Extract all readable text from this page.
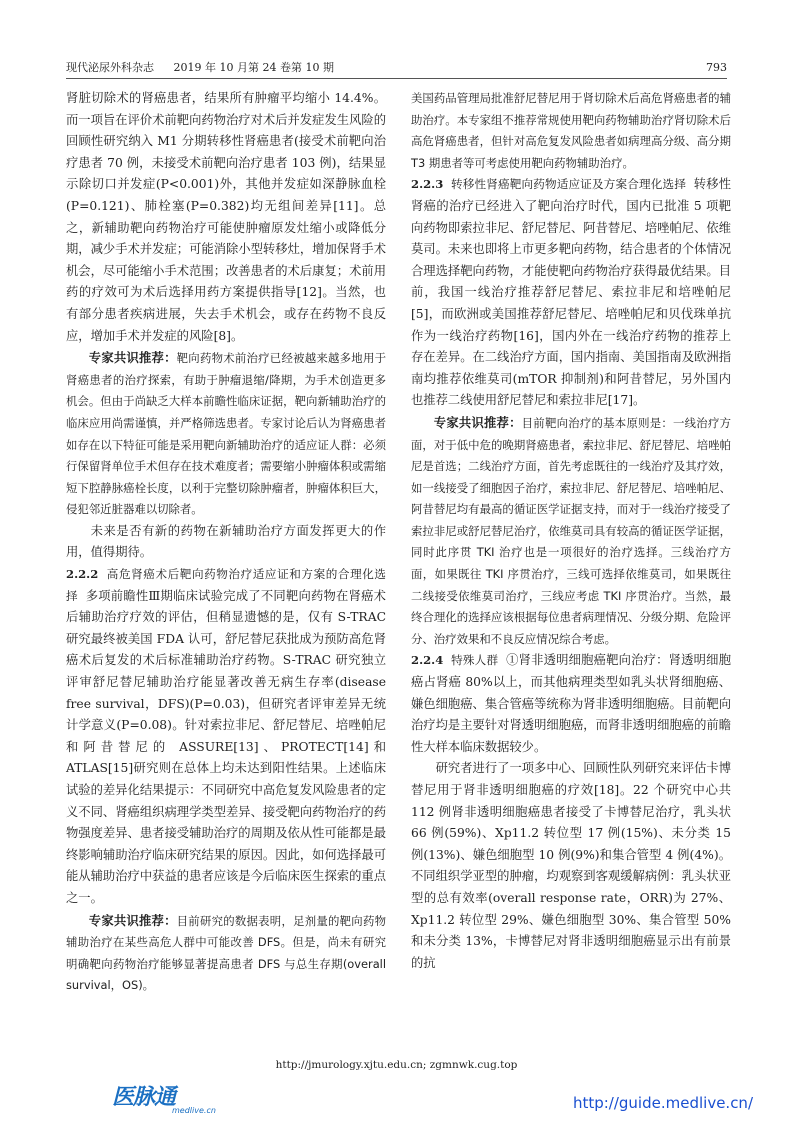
现代泌尿外科杂志 2019 年 10 月第 24 卷第 10 期	793

肾脏切除术的肾癌患者，结果所有肿瘤平均缩小 14.4%。而一项旨在评价术前靶向药物治疗对术后并发症发生风险的回顾性研究纳入 M1 分期转移性肾癌患者(接受术前靶向治疗患者 70 例，未接受术前靶向治疗患者 103 例)，结果显示除切口并发症(P<0.001)外，其他并发症如深静脉血栓(P=0.121)、肺栓塞(P=0.382)均无组间差异[11]。总之，新辅助靶向药物治疗可能使肿瘤原发灶缩小或降低分期，减少手术并发症；可能消除小型转移灶，增加保肾手术机会，尽可能缩小手术范围；改善患者的术后康复；术前用药的疗效可为术后选择用药方案提供指导[12]。当然，也有部分患者疾病进展，失去手术机会，或存在药物不良反应，增加手术并发症的风险[8]。

专家共识推荐：靶向药物术前治疗已经被越来越多地用于肾癌患者的治疗探索，有助于肿瘤退缩/降期，为手术创造更多机会。但由于尚缺乏大样本前瞻性临床证据，靶向新辅助治疗的临床应用尚需谨慎，并严格筛选患者。专家讨论后认为肾癌患者如存在以下特征可能是采用靶向新辅助治疗的适应证人群：必须行保留肾单位手术但存在技术难度者；需要缩小肿瘤体积或需缩短下腔静脉癌栓长度，以利于完整切除肿瘤者，肿瘤体积巨大，侵犯邻近脏器难以切除者。

未来是否有新的药物在新辅助治疗方面发挥更大的作用，值得期待。

2.2.2 高危肾癌术后靶向药物治疗适应证和方案的合理化选择 多项前瞻性Ⅲ期临床试验完成了不同靶向药物在肾癌术后辅助治疗疗效的评估，但稍显遗憾的是，仅有 S-TRAC 研究最终被美国 FDA 认可，舒尼替尼获批成为预防高危肾癌术后复发的术后标准辅助治疗药物。S-TRAC 研究独立评审舒尼替尼辅助治疗能显著改善无病生存率(disease free survival，DFS)(P=0.03)，但研究者评审差异无统计学意义(P=0.08)。针对索拉非尼、舒尼替尼、培唑帕尼和阿昔替尼的 ASSURE[13]、PROTECT[14]和 ATLAS[15]研究则在总体上均未达到阳性结果。上述临床试验的差异化结果提示：不同研究中高危复发风险患者的定义不同、肾癌组织病理学类型差异、接受靶向药物治疗的药物强度差异、患者接受辅助治疗的周期及依从性可能都是最终影响辅助治疗临床研究结果的原因。因此，如何选择最可能从辅助治疗中获益的患者应该是今后临床医生探索的重点之一。

专家共识推荐：目前研究的数据表明，足剂量的靶向药物辅助治疗在某些高危人群中可能改善 DFS。但是，尚未有研究明确靶向药物治疗能够显著提高患者 DFS 与总生存期(overall survival，OS)。

美国药品管理局批准舒尼替尼用于肾切除术后高危肾癌患者的辅助治疗。本专家组不推荐常规使用靶向药物辅助治疗肾切除术后高危肾癌患者，但针对高危复发风险患者如病理高分级、高分期 T3 期患者等可考虑使用靶向药物辅助治疗。

2.2.3 转移性肾癌靶向药物适应证及方案合理化选择 转移性肾癌的治疗已经进入了靶向治疗时代，国内已批准 5 项靶向药物即索拉非尼、舒尼替尼、阿昔替尼、培唑帕尼、依维莫司。未来也即将上市更多靶向药物，结合患者的个体情况合理选择靶向药物，才能使靶向药物治疗获得最优结果。目前，我国一线治疗推荐舒尼替尼、索拉非尼和培唑帕尼[5]，而欧洲或美国推荐舒尼替尼、培唑帕尼和贝伐珠单抗作为一线治疗药物[16]，国内外在一线治疗药物的推荐上存在差异。在二线治疗方面，国内指南、美国指南及欧洲指南均推荐依维莫司(mTOR 抑制剂)和阿昔替尼，另外国内也推荐二线使用舒尼替尼和索拉非尼[17]。

专家共识推荐：目前靶向治疗的基本原则是：一线治疗方面，对于低中危的晚期肾癌患者，索拉非尼、舒尼替尼、培唑帕尼是首选；二线治疗方面，首先考虑既往的一线治疗及其疗效，如一线接受了细胞因子治疗，索拉非尼、舒尼替尼、培唑帕尼、阿昔替尼均有最高的循证医学证据支持，而对于一线治疗接受了索拉非尼或舒尼替尼治疗，依维莫司具有较高的循证医学证据，同时此序贯 TKI 治疗也是一项很好的治疗选择。三线治疗方面，如果既往 TKI 序贯治疗，三线可选择依维莫司，如果既往二线接受依维莫司治疗，三线应考虑 TKI 序贯治疗。当然，最终合理化的选择应该根据每位患者病理情况、分级分期、危险评分、治疗效果和不良反应情况综合考虑。

2.2.4 特殊人群 ①肾非透明细胞癌靶向治疗：肾透明细胞癌占肾癌 80%以上，而其他病理类型如乳头状肾细胞癌、嫌色细胞癌、集合管癌等统称为肾非透明细胞癌。目前靶向治疗均是主要针对肾透明细胞癌，而肾非透明细胞癌的前瞻性大样本临床数据较少。

研究者进行了一项多中心、回顾性队列研究来评估卡博替尼用于肾非透明细胞癌的疗效[18]。22 个研究中心共 112 例肾非透明细胞癌患者接受了卡博替尼治疗，乳头状 66 例(59%)、Xp11.2 转位型 17 例(15%)、未分类 15 例(13%)、嫌色细胞型 10 例(9%)和集合管型 4 例(4%)。不同组织学亚型的肿瘤，均观察到客观缓解病例：乳头状亚型的总有效率(overall response rate，ORR)为 27%、Xp11.2 转位型 29%、嫌色细胞型 30%、集合管型 50%和未分类 13%，卡博替尼对肾非透明细胞癌显示出有前景的抗

http://jmurology.xjtu.edu.cn; zgmnwk.cug.top
医脉通
medlive.cn	http://guide.medlive.cn/
